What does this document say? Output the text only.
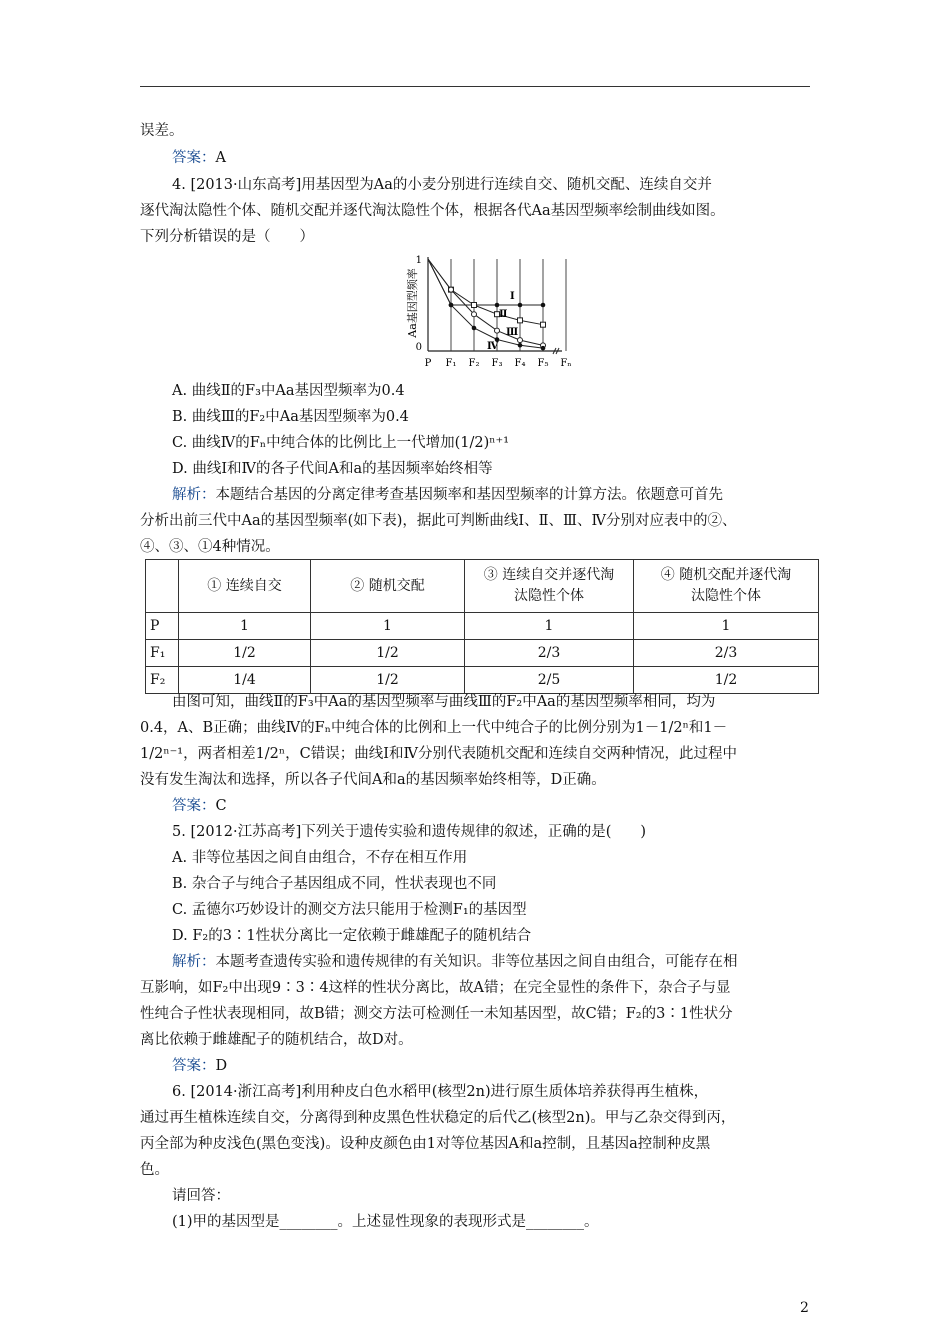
误差。
答案：A
4. [2013·山东高考]用基因型为Aa的小麦分别进行连续自交、随机交配、连续自交并
逐代淘汰隐性个体、随机交配并逐代淘汰隐性个体，根据各代Aa基因型频率绘制曲线如图。
下列分析错误的是（　　）
1
0
Aa基因型频率
P F₁ F₂ F₃ F₄ F₅ Fₙ
Ⅰ
Ⅱ
Ⅲ
Ⅳ
A. 曲线Ⅱ的F₃中Aa基因型频率为0.4
B. 曲线Ⅲ的F₂中Aa基因型频率为0.4
C. 曲线Ⅳ的Fₙ中纯合体的比例比上一代增加(1/2)ⁿ⁺¹
D. 曲线Ⅰ和Ⅳ的各子代间A和a的基因频率始终相等
解析：本题结合基因的分离定律考查基因频率和基因型频率的计算方法。依题意可首先
分析出前三代中Aa的基因型频率(如下表)，据此可判断曲线Ⅰ、Ⅱ、Ⅲ、Ⅳ分别对应表中的②、
④、③、①4种情况。
	① 连续自交	② 随机交配	③ 连续自交并逐代淘汰隐性个体	④ 随机交配并逐代淘汰隐性个体
P	1	1	1	1
F₁	1/2	1/2	2/3	2/3
F₂	1/4	1/2	2/5	1/2
由图可知，曲线Ⅱ的F₃中Aa的基因型频率与曲线Ⅲ的F₂中Aa的基因型频率相同，均为
0.4，A、B正确；曲线Ⅳ的Fₙ中纯合体的比例和上一代中纯合子的比例分别为1－1/2ⁿ和1－
1/2ⁿ⁻¹，两者相差1/2ⁿ，C错误；曲线Ⅰ和Ⅳ分别代表随机交配和连续自交两种情况，此过程中
没有发生淘汰和选择，所以各子代间A和a的基因频率始终相等，D正确。
答案：C
5. [2012·江苏高考]下列关于遗传实验和遗传规律的叙述，正确的是(　　)
A. 非等位基因之间自由组合，不存在相互作用
B. 杂合子与纯合子基因组成不同，性状表现也不同
C. 孟德尔巧妙设计的测交方法只能用于检测F₁的基因型
D. F₂的3∶1性状分离比一定依赖于雌雄配子的随机结合
解析：本题考查遗传实验和遗传规律的有关知识。非等位基因之间自由组合，可能存在相
互影响，如F₂中出现9∶3∶4这样的性状分离比，故A错；在完全显性的条件下，杂合子与显
性纯合子性状表现相同，故B错；测交方法可检测任一未知基因型，故C错；F₂的3∶1性状分
离比依赖于雌雄配子的随机结合，故D对。
答案：D
6. [2014·浙江高考]利用种皮白色水稻甲(核型2n)进行原生质体培养获得再生植株，
通过再生植株连续自交，分离得到种皮黑色性状稳定的后代乙(核型2n)。甲与乙杂交得到丙，
丙全部为种皮浅色(黑色变浅)。设种皮颜色由1对等位基因A和a控制，且基因a控制种皮黑
色。
请回答：
(1)甲的基因型是________。上述显性现象的表现形式是________。
2
